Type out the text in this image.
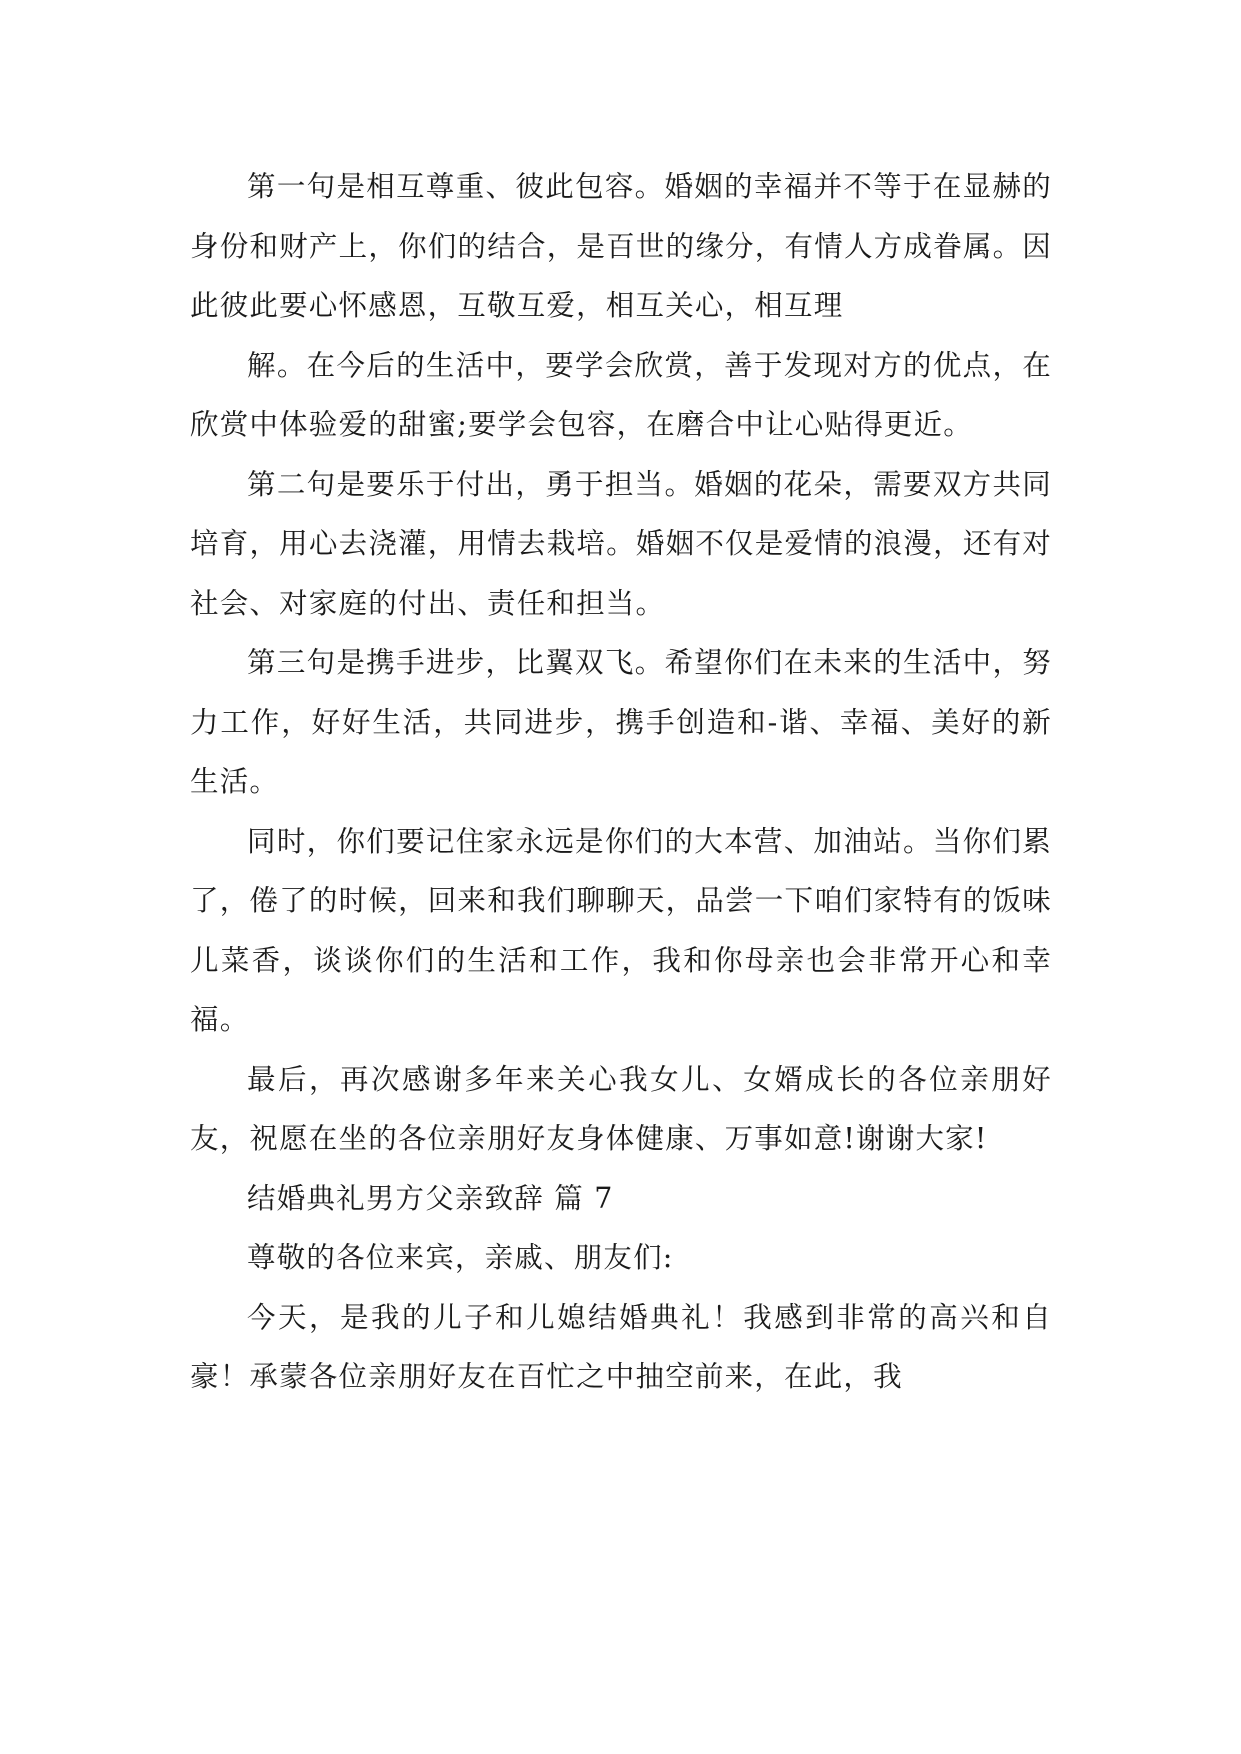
第一句是相互尊重、彼此包容。婚姻的幸福并不等于在显赫的身份和财产上，你们的结合，是百世的缘分，有情人方成眷属。因此彼此要心怀感恩，互敬互爱，相互关心，相互理

解。在今后的生活中，要学会欣赏，善于发现对方的优点，在欣赏中体验爱的甜蜜;要学会包容，在磨合中让心贴得更近。

第二句是要乐于付出，勇于担当。婚姻的花朵，需要双方共同培育，用心去浇灌，用情去栽培。婚姻不仅是爱情的浪漫，还有对社会、对家庭的付出、责任和担当。

第三句是携手进步，比翼双飞。希望你们在未来的生活中，努力工作，好好生活，共同进步，携手创造和-谐、幸福、美好的新生活。

同时，你们要记住家永远是你们的大本营、加油站。当你们累了，倦了的时候，回来和我们聊聊天，品尝一下咱们家特有的饭味儿菜香，谈谈你们的生活和工作，我和你母亲也会非常开心和幸福。

最后，再次感谢多年来关心我女儿、女婿成长的各位亲朋好友，祝愿在坐的各位亲朋好友身体健康、万事如意!谢谢大家!

结婚典礼男方父亲致辞 篇 7

尊敬的各位来宾，亲戚、朋友们:

今天，是我的儿子和儿媳结婚典礼！我感到非常的高兴和自豪！承蒙各位亲朋好友在百忙之中抽空前来，在此，我
